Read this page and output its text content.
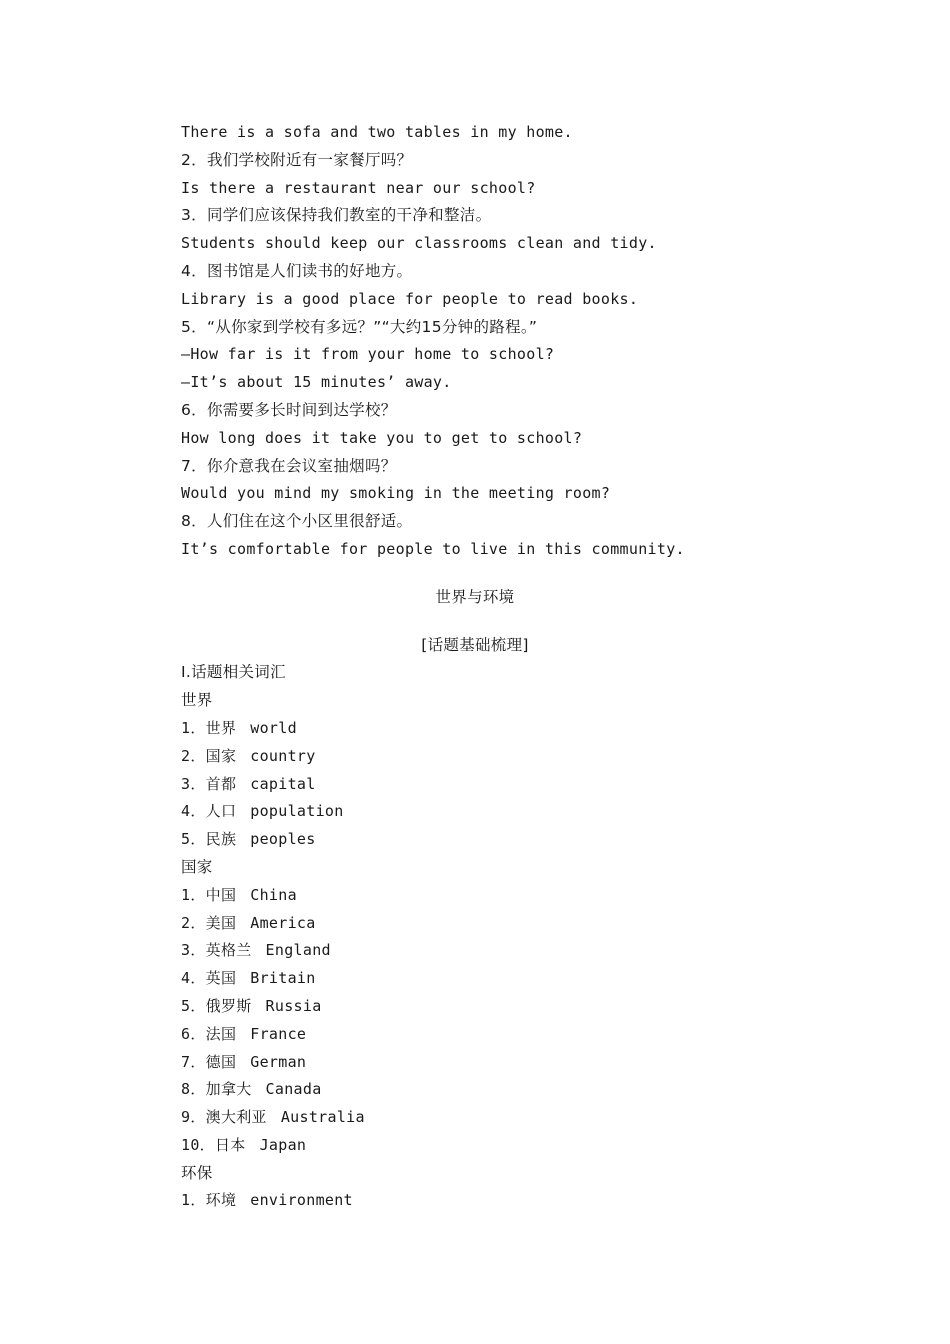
There is a sofa and two tables in my home.
2．我们学校附近有一家餐厅吗？
Is there a restaurant near our school?
3．同学们应该保持我们教室的干净和整洁。
Students should keep our classrooms clean and tidy.
4．图书馆是人们读书的好地方。
Library is a good place for people to read books.
5．“从你家到学校有多远？”“大约15分钟的路程。”
—How far is it from your home to school?
—It’s about 15 minutes’ away.
6．你需要多长时间到达学校？
How long does it take you to get to school?
7．你介意我在会议室抽烟吗？
Would you mind my smoking in the meeting room?
8．人们住在这个小区里很舒适。
It’s comfortable for people to live in this community.
世界与环境
[话题基础梳理]
Ⅰ.话题相关词汇
世界
1．世界 world
2．国家 country
3．首都 capital
4．人口 population
5．民族 peoples
国家
1．中国 China
2．美国 America
3．英格兰 England
4．英国 Britain
5．俄罗斯 Russia
6．法国 France
7．德国 German
8．加拿大 Canada
9．澳大利亚 Australia
10．日本 Japan
环保
1．环境 environment
